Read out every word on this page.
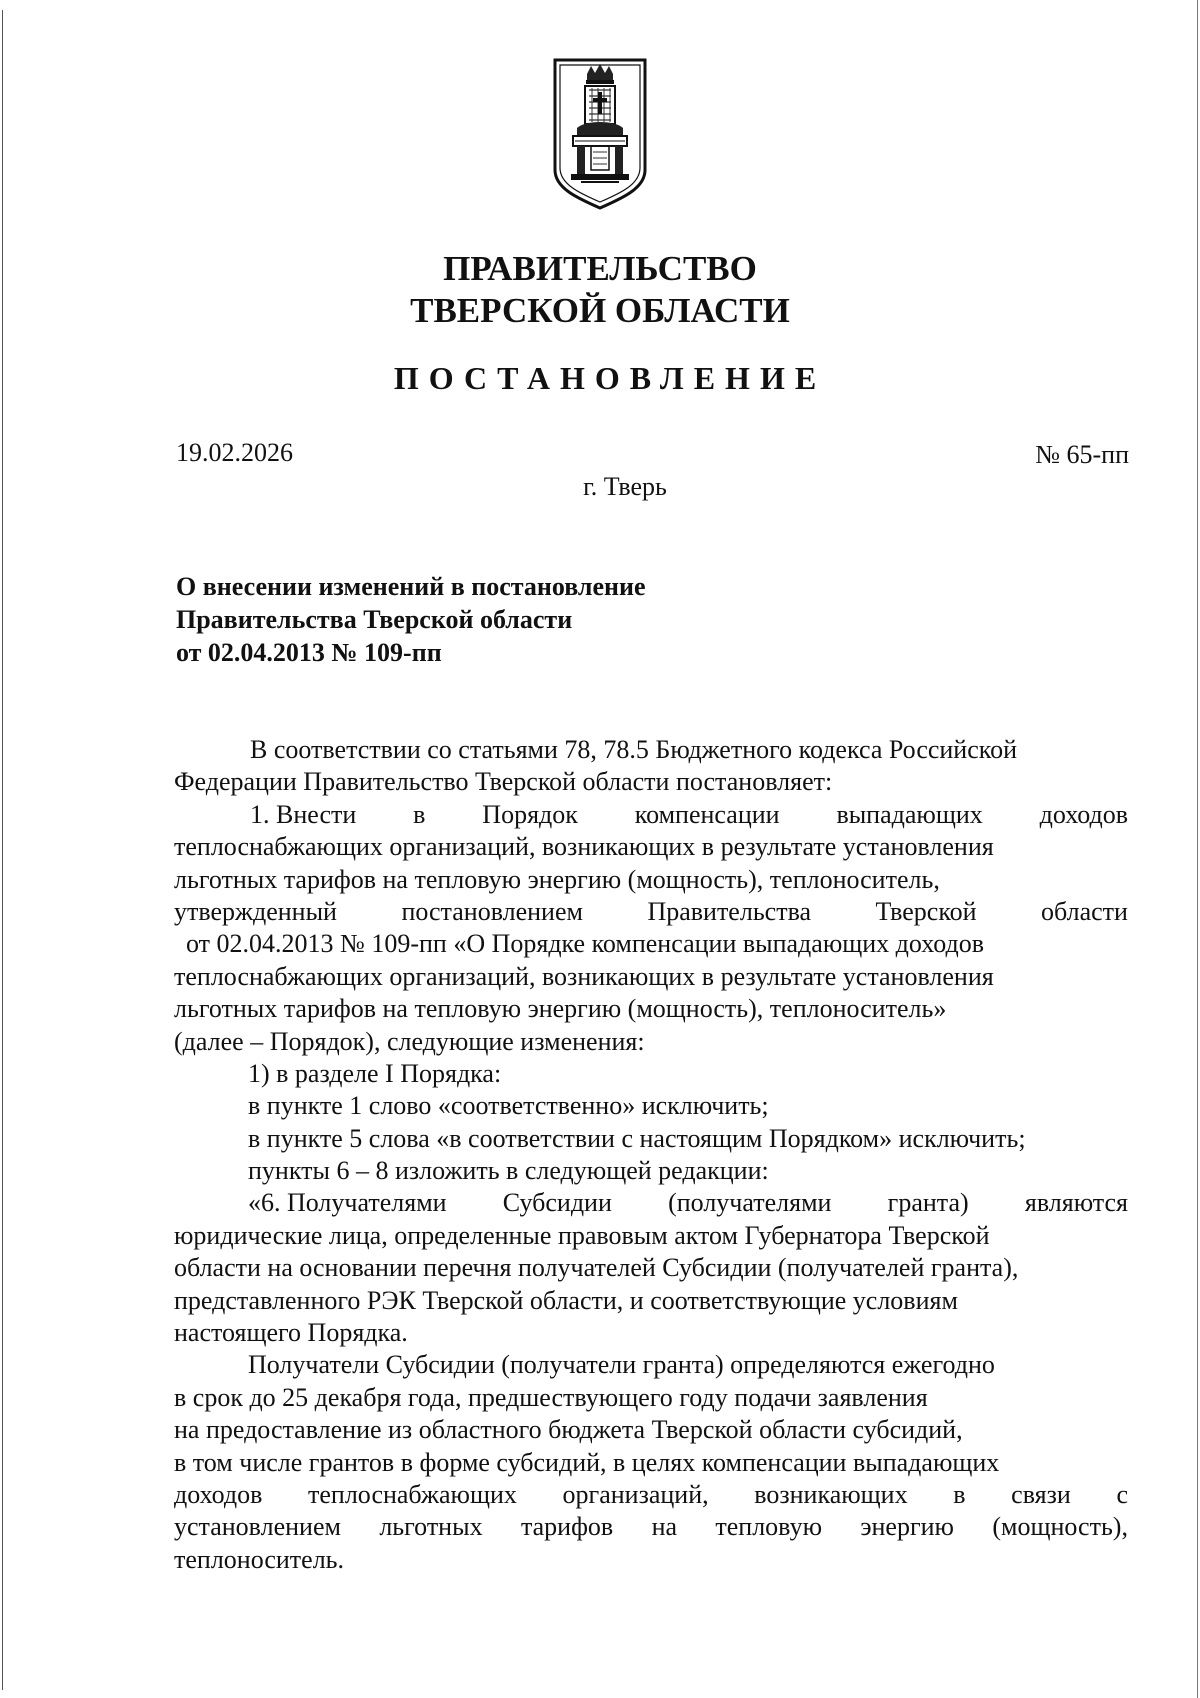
ПРАВИТЕЛЬСТВО
ТВЕРСКОЙ ОБЛАСТИ
ПОСТАНОВЛЕНИЕ
19.02.2026	№ 65-пп
г. Тверь
О внесении изменений в постановление
Правительства Тверской области
от 02.04.2013 № 109-пп
В соответствии со статьями 78, 78.5 Бюджетного кодекса Российской
Федерации Правительство Тверской области постановляет:
1. Внести в Порядок компенсации выпадающих доходов
теплоснабжающих организаций, возникающих в результате установления
льготных тарифов на тепловую энергию (мощность), теплоноситель,
утвержденный постановлением Правительства Тверской области
от 02.04.2013 № 109-пп «О Порядке компенсации выпадающих доходов
теплоснабжающих организаций, возникающих в результате установления
льготных тарифов на тепловую энергию (мощность), теплоноситель»
(далее – Порядок), следующие изменения:
1) в разделе I Порядка:
в пункте 1 слово «соответственно» исключить;
в пункте 5 слова «в соответствии с настоящим Порядком» исключить;
пункты 6 – 8 изложить в следующей редакции:
«6. Получателями Субсидии (получателями гранта) являются
юридические лица, определенные правовым актом Губернатора Тверской
области на основании перечня получателей Субсидии (получателей гранта),
представленного РЭК Тверской области, и соответствующие условиям
настоящего Порядка.
Получатели Субсидии (получатели гранта) определяются ежегодно
в срок до 25 декабря года, предшествующего году подачи заявления
на предоставление из областного бюджета Тверской области субсидий,
в том числе грантов в форме субсидий, в целях компенсации выпадающих
доходов теплоснабжающих организаций, возникающих в связи с
установлением льготных тарифов на тепловую энергию (мощность),
теплоноситель.
